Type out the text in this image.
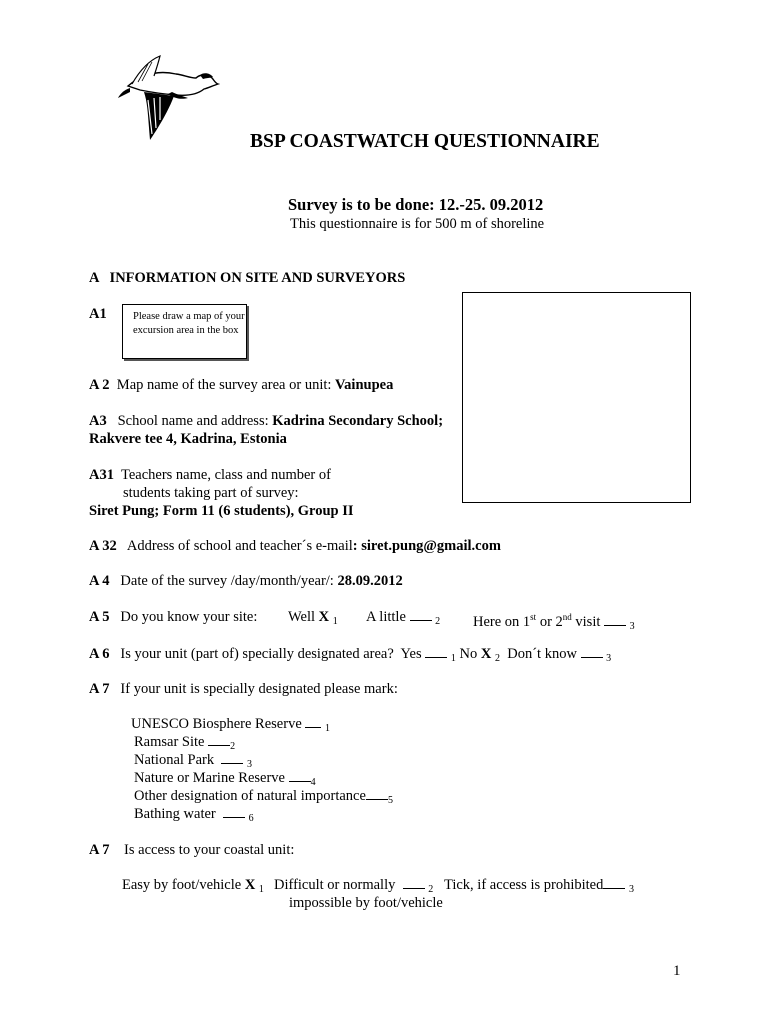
BSP COASTWATCH QUESTIONNAIRE
Survey is to be done: 12.-25. 09.2012
This questionnaire is for 500 m of shoreline
A   INFORMATION ON SITE AND SURVEYORS
A1	Please draw a map of your excursion area in the box
A 2 Map name of the survey area or unit: Vainupea
A3 School name and address: Kadrina Secondary School;
Rakvere tee 4, Kadrina, Estonia
A31 Teachers name, class and number of
students taking part of survey:
Siret Pung; Form 11 (6 students), Group II
A 32 Address of school and teacher´s e-mail: siret.pung@gmail.com
A 4 Date of the survey /day/month/year/: 28.09.2012
A 5 Do you know your site: Well X $_1$ A little	$_2$ Here on 1st or 2nd visit	$_3$
A 6 Is your unit (part of) specially designated area? Yes	$_1$ No X $_2$ Don´t know	$_3$
A 7 If your unit is specially designated please mark:
UNESCO Biosphere Reserve $_1$
Ramsar Site	$_2$
National Park	$_3$
Nature or Marine Reserve	$_4$
Other designation of natural importance $_5$
Bathing water	$_6$
A 7 Is access to your coastal unit:
Easy by foot/vehicle X $_1$ Difficult or normally	$_2$
impossible by foot/vehicle
Tick, if access is prohibited	$_3$
1
